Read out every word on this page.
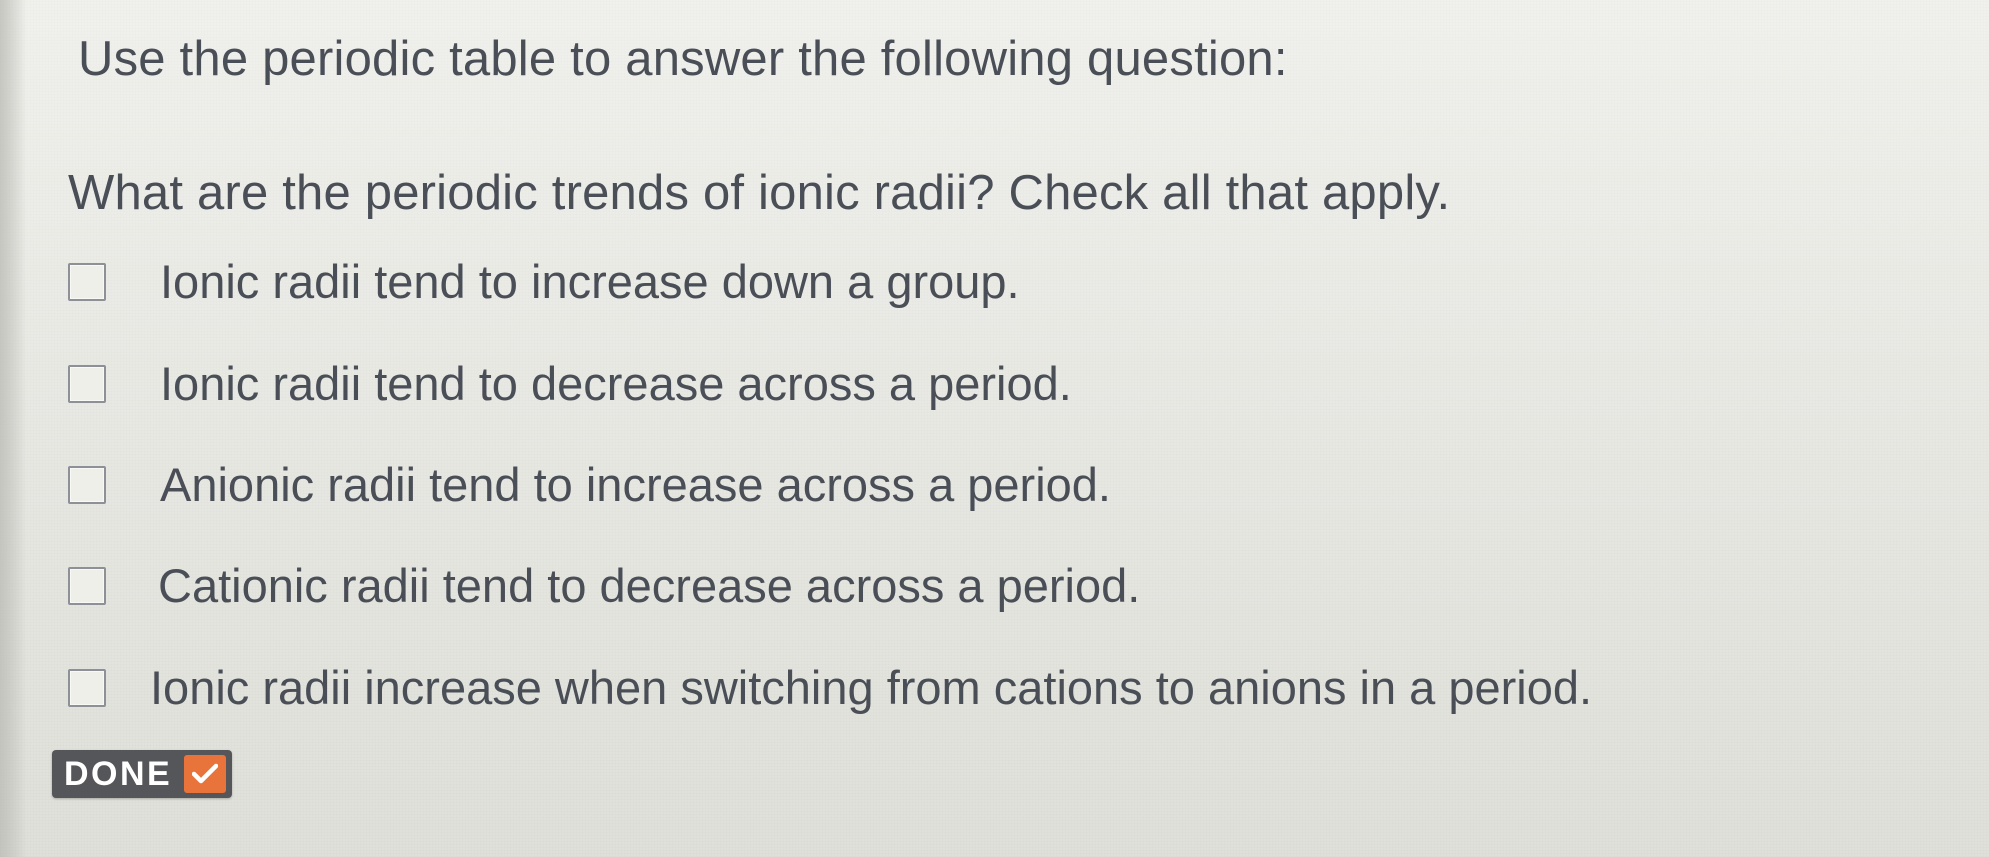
Use the periodic table to answer the following question:
What are the periodic trends of ionic radii? Check all that apply.
Ionic radii tend to increase down a group.
Ionic radii tend to decrease across a period.
Anionic radii tend to increase across a period.
Cationic radii tend to decrease across a period.
Ionic radii increase when switching from cations to anions in a period.
DONE
